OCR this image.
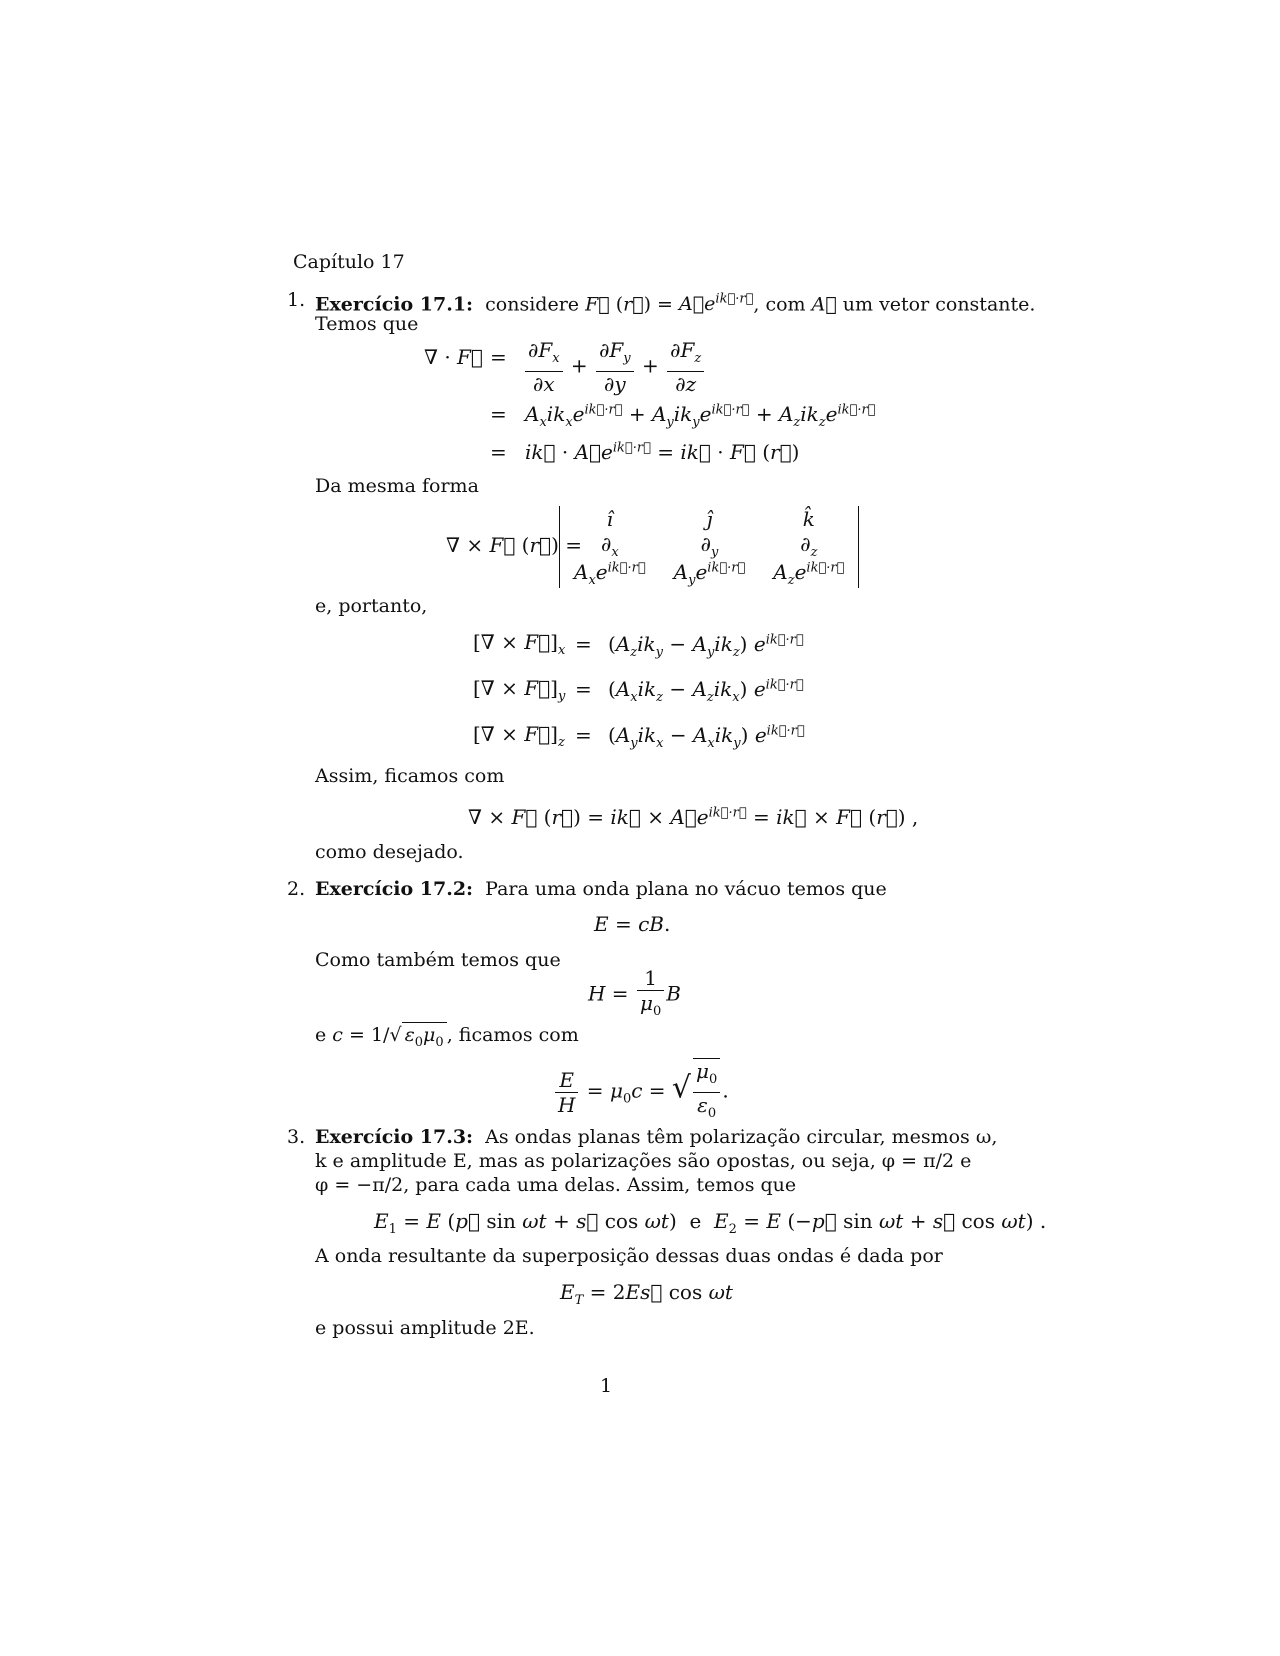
Capítulo 17
1. Exercício 17.1:  considere F⃗ (r⃗) = $A⃗e^{ik⃗\cdot r⃗}$, com A⃗ um vetor constante.
Temos que
∇ · F⃗ = $\frac{\partial F_x}{\partial x} + \frac{\partial F_y}{\partial y} + \frac{\partial F_z}{\partial z}$
= $A_xik_xe^{ik⃗\cdot r⃗} + A_yik_ye^{ik⃗\cdot r⃗} + A_zik_ze^{ik⃗\cdot r⃗}$
= ik⃗ · $A⃗e^{ik⃗\cdot r⃗}$ = ik⃗ · F⃗ (r⃗)
Da mesma forma
∇ × F⃗ (r⃗) =
î	ĵ	k̂
$\partial_x$	$\partial_y$	$\partial_z$
$A_xe^{ik⃗\cdot r⃗}$	$A_ye^{ik⃗\cdot r⃗}$	$A_ze^{ik⃗\cdot r⃗}$
e, portanto,
[∇ × $F⃗]_x = (A_zik_y - A_yik_z)$ $e^{ik⃗\cdot r⃗}$
[∇ × $F⃗]_y = (A_xik_z - A_zik_x)$ $e^{ik⃗\cdot r⃗}$
[∇ × $F⃗]_z = (A_yik_x - A_xik_y)$ $e^{ik⃗\cdot r⃗}$
Assim, ficamos com
∇ × F⃗ (r⃗) = ik⃗ × $A⃗e^{ik⃗\cdot r⃗}$ = ik⃗ × F⃗ (r⃗) ,
como desejado.
2. Exercício 17.2: Para uma onda plana no vácuo temos que
E = cB.
Como também temos que
$H = \frac{1}{\mu_0}$ B
e c = 1/√ $\varepsilon_0\mu_0$ , ficamos com
$\frac{E}{H} = \mu_0c$ = √ $\frac{\mu_0}{\varepsilon_0}$ .
3. Exercício 17.3: As ondas planas têm polarização circular, mesmos ω,
k e amplitude E, mas as polarizações são opostas, ou seja, φ = π/2 e
φ = −π/2, para cada uma delas. Assim, temos que
$E_1 = E$ (p⃗ sin ωt + s⃗ cos ωt)  e  $E_2 = E$ (−p⃗ sin ωt + s⃗ cos ωt) .
A onda resultante da superposição dessas duas ondas é dada por
$E_T$ = 2Es⃗ cos ωt
e possui amplitude 2E.
1
